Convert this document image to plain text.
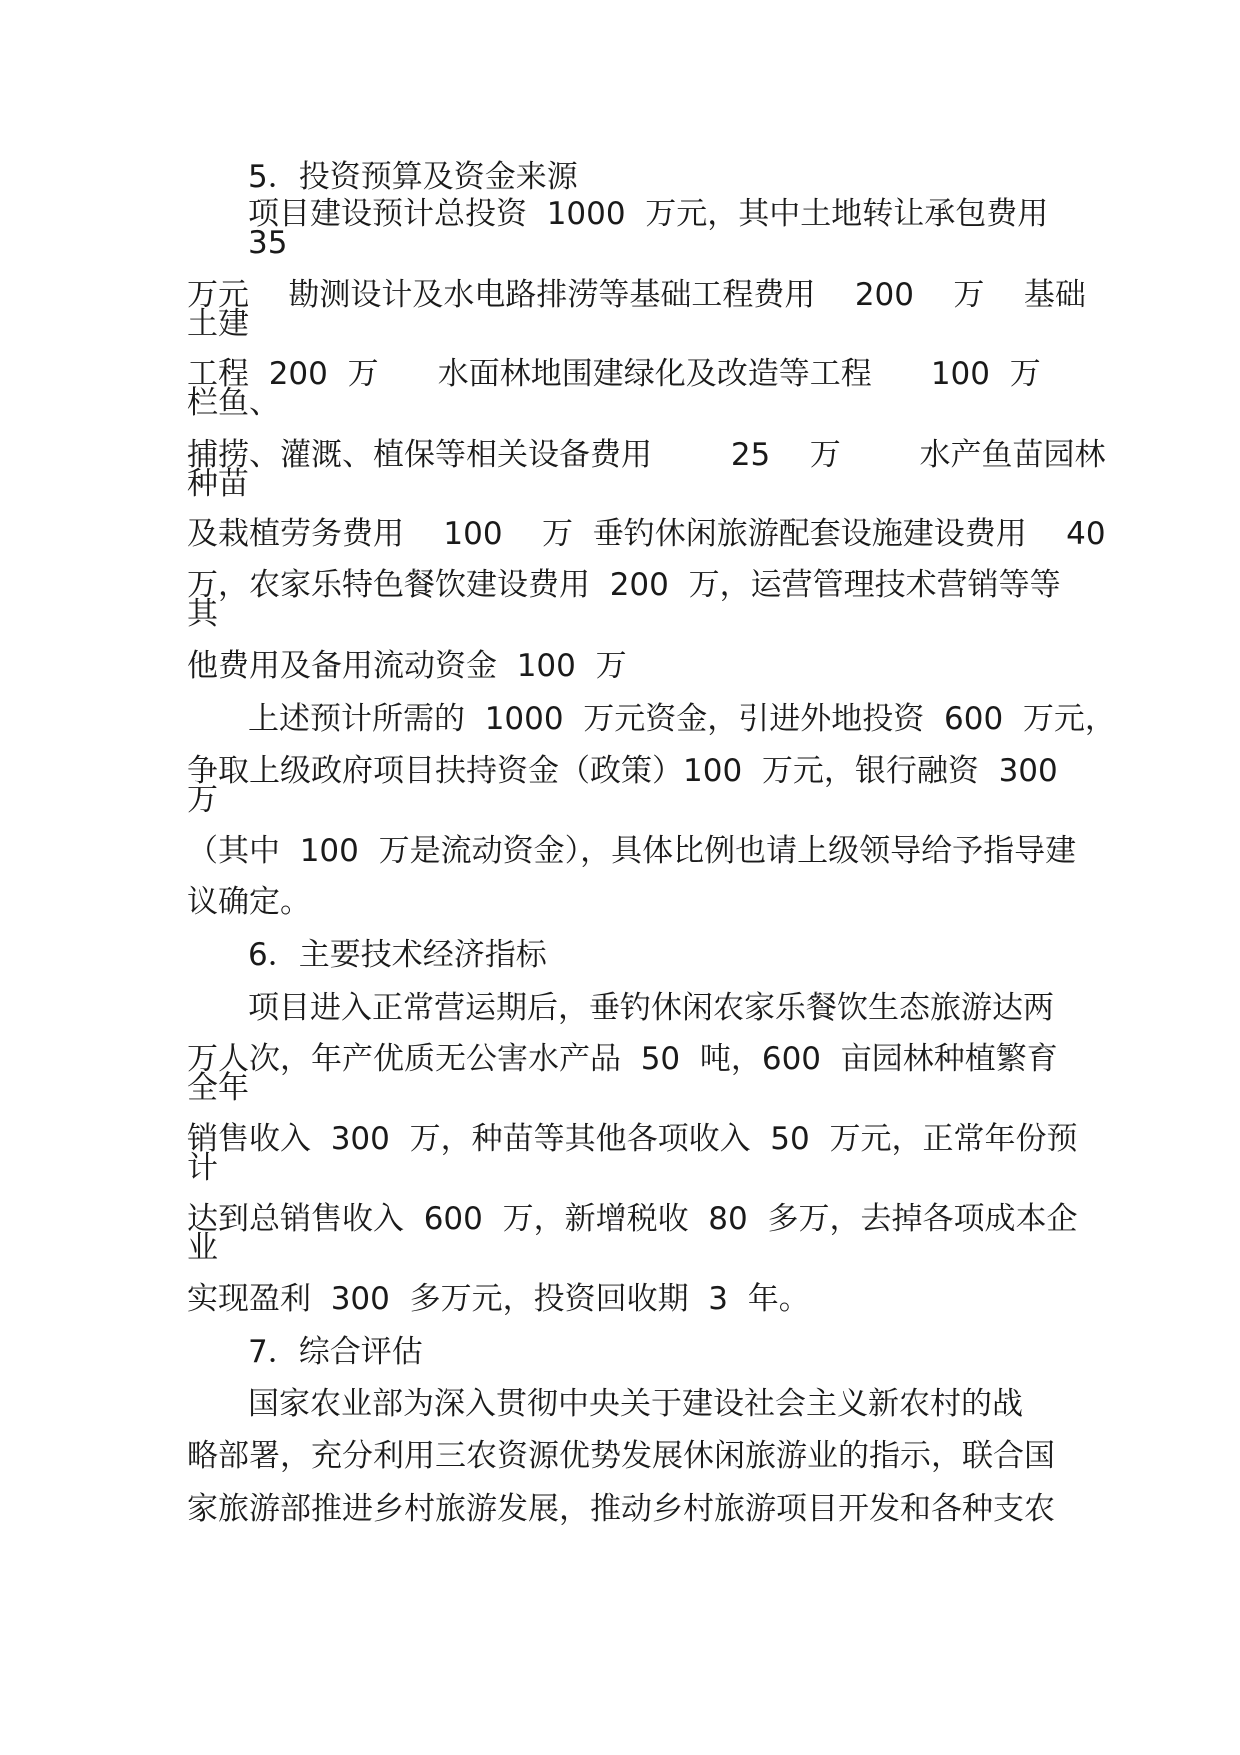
5．投资预算及资金来源

项目建设预计总投资  1000  万元，其中土地转让承包费用
35

万元    勘测设计及水电路排涝等基础工程费用    200    万    基础
土建

工程  200  万      水面林地围建绿化及改造等工程      100  万
栏鱼、

捕捞、灌溉、植保等相关设备费用        25    万        水产鱼苗园林
种苗

及栽植劳务费用    100    万  垂钓休闲旅游配套设施建设费用    40

万，农家乐特色餐饮建设费用  200  万，运营管理技术营销等等
其

他费用及备用流动资金  100  万

上述预计所需的  1000  万元资金，引进外地投资  600  万元，

争取上级政府项目扶持资金（政策）100  万元，银行融资  300
万

（其中  100  万是流动资金），具体比例也请上级领导给予指导建

议确定。

6．主要技术经济指标

项目进入正常营运期后，垂钓休闲农家乐餐饮生态旅游达两

万人次，年产优质无公害水产品  50  吨，600  亩园林种植繁育
全年

销售收入  300  万，种苗等其他各项收入  50  万元，正常年份预
计

达到总销售收入  600  万，新增税收  80  多万，去掉各项成本企
业

实现盈利  300  多万元，投资回收期  3  年。

7．综合评估

国家农业部为深入贯彻中央关于建设社会主义新农村的战

略部署，充分利用三农资源优势发展休闲旅游业的指示，联合国

家旅游部推进乡村旅游发展，推动乡村旅游项目开发和各种支农
